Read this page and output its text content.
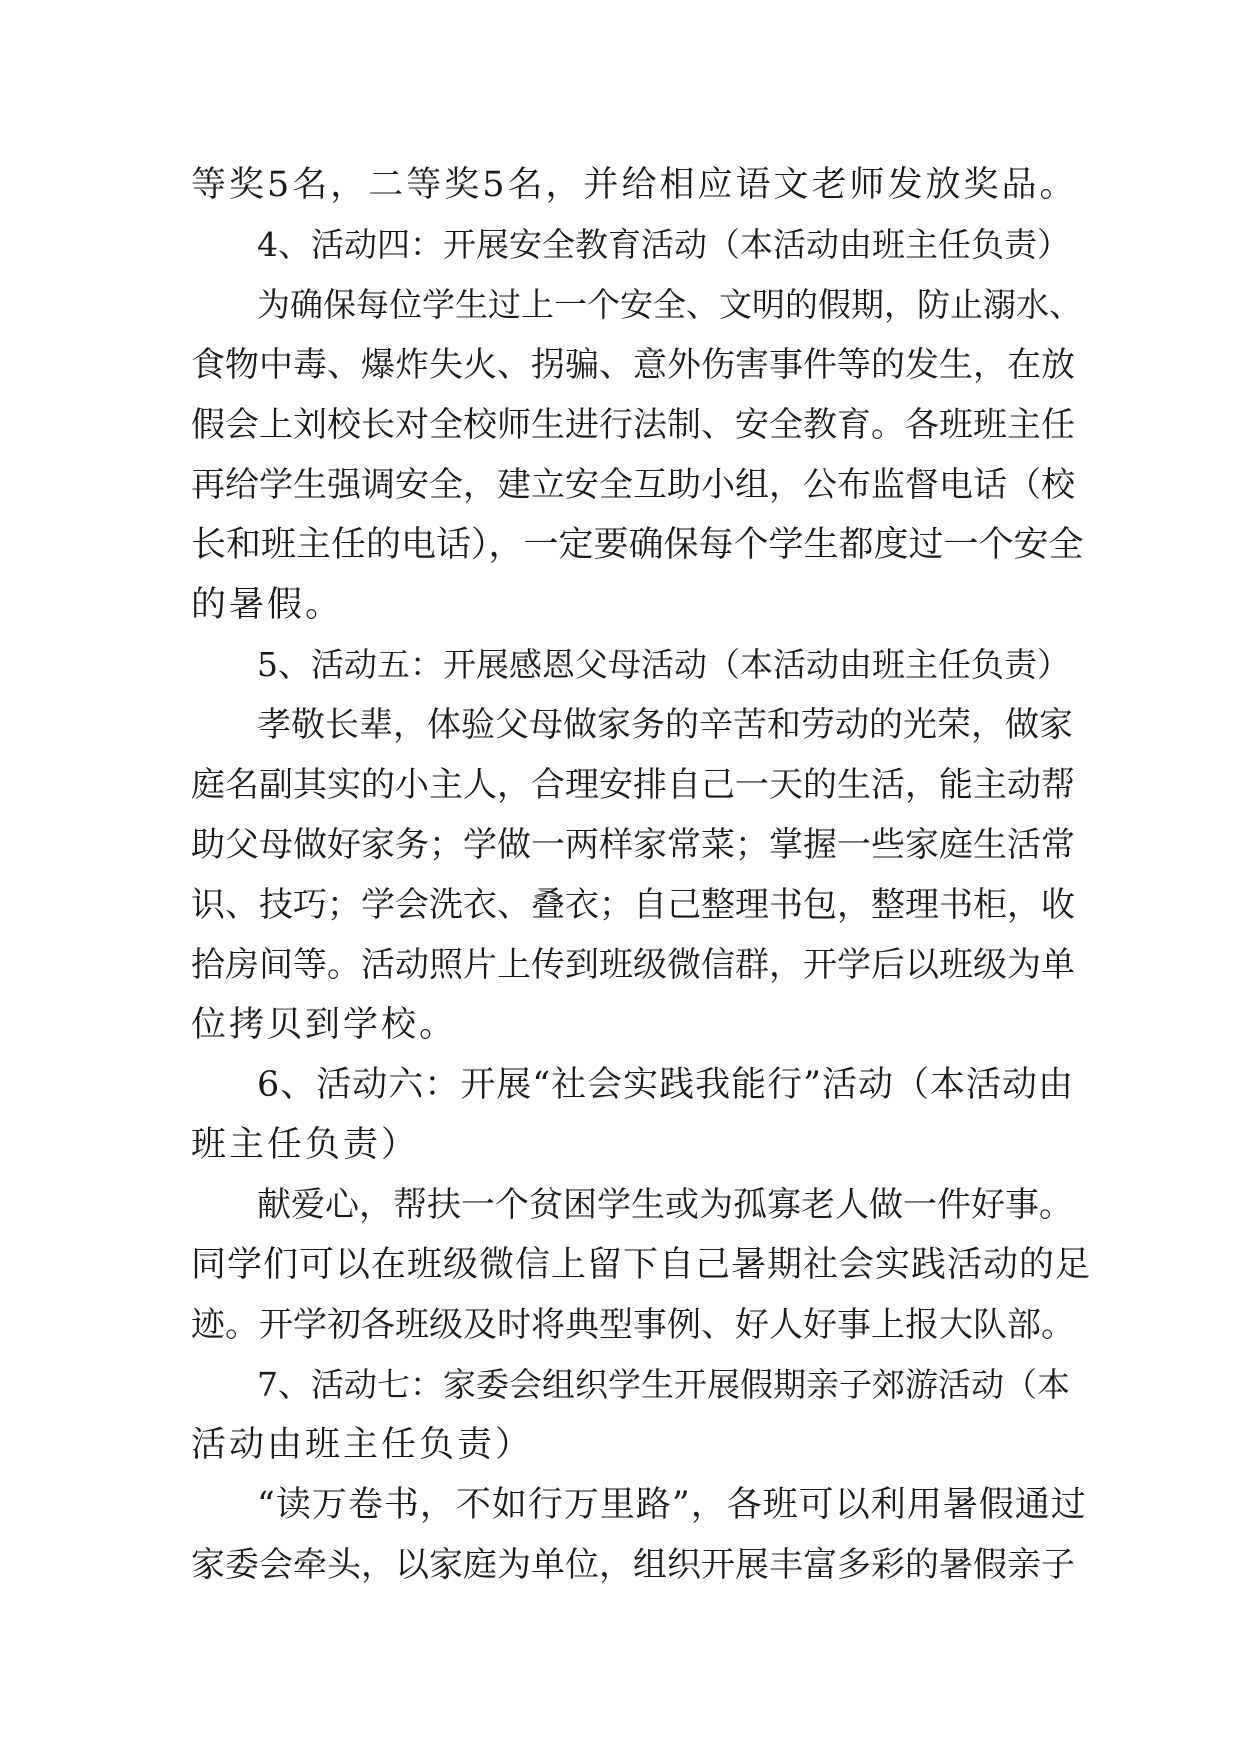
等奖5名，二等奖5名，并给相应语文老师发放奖品。
4、活动四：开展安全教育活动（本活动由班主任负责）
为确保每位学生过上一个安全、文明的假期，防止溺水、
食物中毒、爆炸失火、拐骗、意外伤害事件等的发生，在放
假会上刘校长对全校师生进行法制、安全教育。各班班主任
再给学生强调安全，建立安全互助小组，公布监督电话（校
长和班主任的电话），一定要确保每个学生都度过一个安全
的暑假。
5、活动五：开展感恩父母活动（本活动由班主任负责）
孝敬长辈，体验父母做家务的辛苦和劳动的光荣，做家
庭名副其实的小主人，合理安排自己一天的生活，能主动帮
助父母做好家务；学做一两样家常菜；掌握一些家庭生活常
识、技巧；学会洗衣、叠衣；自己整理书包，整理书柜，收
拾房间等。活动照片上传到班级微信群，开学后以班级为单
位拷贝到学校。
6、活动六：开展“社会实践我能行”活动（本活动由
班主任负责）
献爱心，帮扶一个贫困学生或为孤寡老人做一件好事。
同学们可以在班级微信上留下自己暑期社会实践活动的足
迹。开学初各班级及时将典型事例、好人好事上报大队部。
7、活动七：家委会组织学生开展假期亲子郊游活动（本
活动由班主任负责）
“读万卷书，不如行万里路”，各班可以利用暑假通过
家委会牵头，以家庭为单位，组织开展丰富多彩的暑假亲子
